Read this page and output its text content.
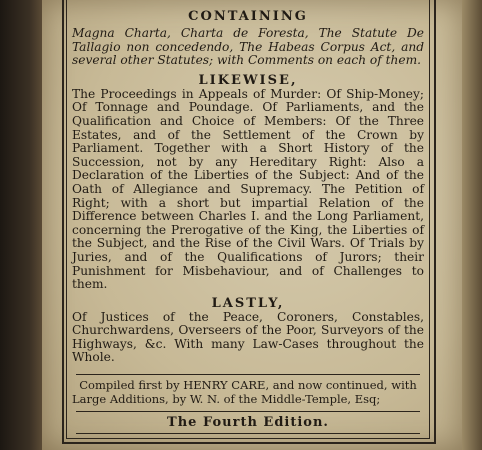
CONTAINING

Magna Charta, Charta de Foresta, The Statute De Tallagio non concedendo, The Habeas Corpus Act, and several other Statutes; with Comments on each of them.

LIKEWISE,

The Proceedings in Appeals of Murder: Of Ship-Money; Of Tonnage and Poundage. Of Parliaments, and the Qualification and Choice of Members: Of the Three Estates, and of the Settlement of the Crown by Parliament. Together with a Short History of the Succession, not by any Hereditary Right: Also a Declaration of the Liberties of the Subject: And of the Oath of Allegiance and Supremacy. The Petition of Right; with a short but impartial Relation of the Difference between Charles I. and the Long Parliament, concerning the Prerogative of the King, the Liberties of the Subject, and the Rise of the Civil Wars. Of Trials by Juries, and of the Qualifications of Jurors; their Punishment for Misbehaviour, and of Challenges to them.

LASTLY,

Of Justices of the Peace, Coroners, Constables, Churchwardens, Overseers of the Poor, Surveyors of the Highways, &c. With many Law-Cases throughout the Whole.

Compiled first by HENRY CARE, and now continued, with Large Additions, by W. N. of the Middle-Temple, Esq;

The Fourth Edition.
